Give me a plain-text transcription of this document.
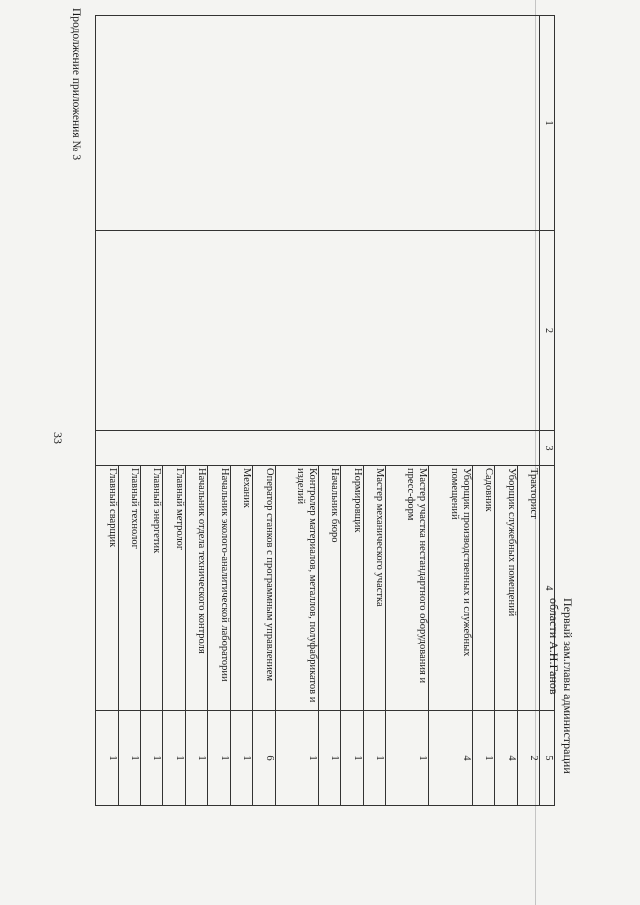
33
Продолжение приложения № 3	1	2	3	4	5
			Тракторист	2
			Уборщик служебных помещений	4
			Садовник	1
			Уборщик производственных и служебных помещений	4
			Мастер участка нестандартного оборудования и пресс-форм	1
			Мастер механического участка	1
			Нормировщик	1
			Начальник бюро	1
			Контролер материалов, металлов, полуфабрикатов и изделий	1
			Оператор станков с программным управлением	6
			Механик	1
			Начальник эколого-аналитической лаборатории	1
			Начальник отдела технического контроля	1
			Главный метролог	1
			Главный энергетик	1
			Главный технолог	1
			Главный сварщик	1	Первый зам.главы администрации
области А.Н.Ганов
